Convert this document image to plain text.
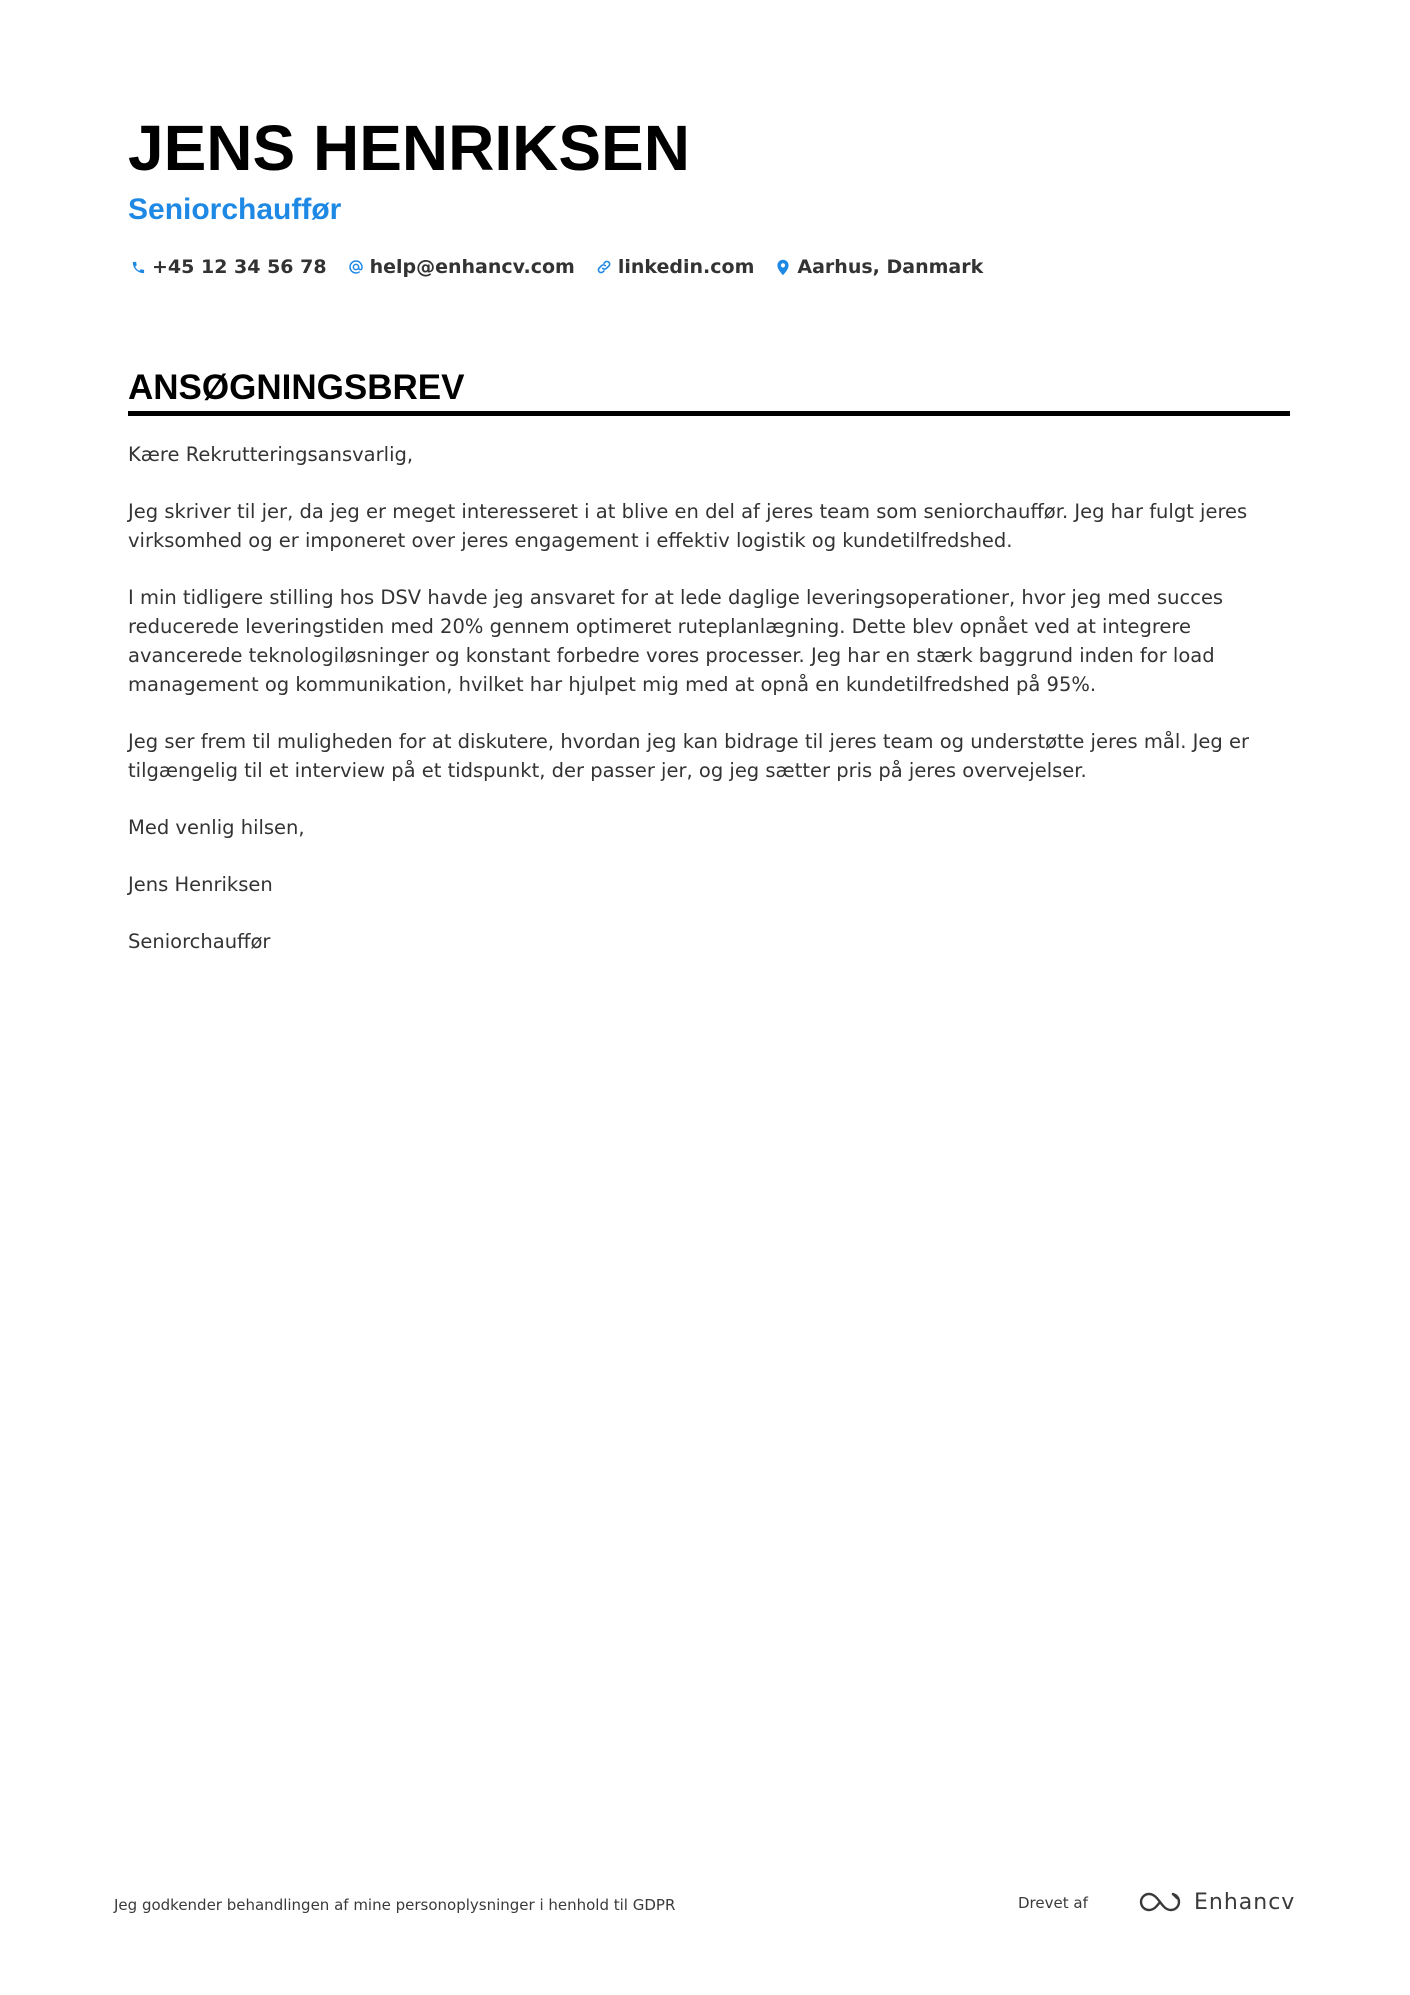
JENS HENRIKSEN
Seniorchauffør
+45 12 34 56 78 help@enhancv.com linkedin.com Aarhus, Danmark
ANSØGNINGSBREV

Kære Rekrutteringsansvarlig,

Jeg skriver til jer, da jeg er meget interesseret i at blive en del af jeres team som seniorchauffør. Jeg har fulgt jeres virksomhed og er imponeret over jeres engagement i effektiv logistik og kundetilfredshed.

I min tidligere stilling hos DSV havde jeg ansvaret for at lede daglige leveringsoperationer, hvor jeg med succes reducerede leveringstiden med 20% gennem optimeret ruteplanlægning. Dette blev opnået ved at integrere avancerede teknologiløsninger og konstant forbedre vores processer. Jeg har en stærk baggrund inden for load management og kommunikation, hvilket har hjulpet mig med at opnå en kundetilfredshed på 95%.

Jeg ser frem til muligheden for at diskutere, hvordan jeg kan bidrage til jeres team og understøtte jeres mål. Jeg er tilgængelig til et interview på et tidspunkt, der passer jer, og jeg sætter pris på jeres overvejelser.

Med venlig hilsen,

Jens Henriksen

Seniorchauffør

Jeg godkender behandlingen af mine personoplysninger i henhold til GDPR	Drevet af	Enhancv
